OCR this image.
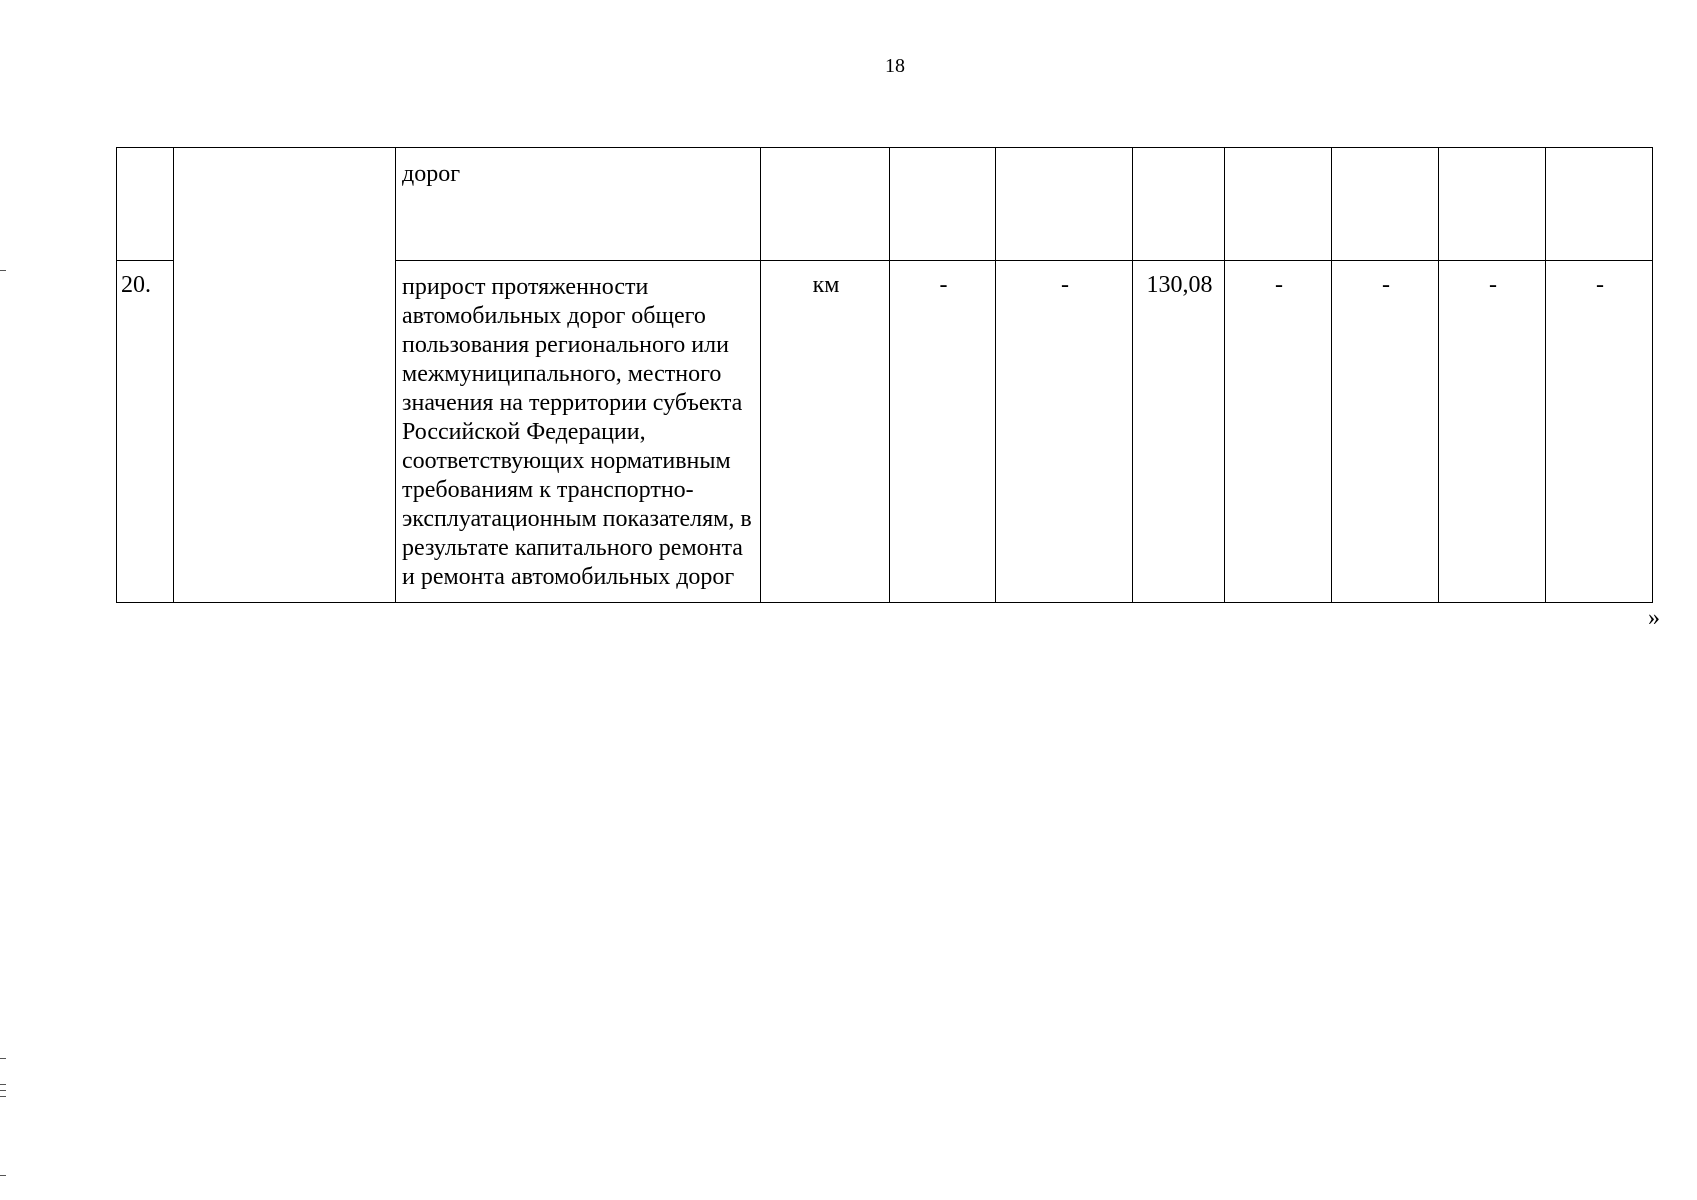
18
		дорог								
20.		прирост протяженности автомобильных дорог общего пользования регионального или межмуниципального, местного значения на территории субъекта Российской Федерации, соответствующих нормативным требованиям к транспортно-эксплуатационным показателям, в результате капитального ремонта и ремонта автомобильных дорог	км	-	-	130,08	-	-	-	-
»
